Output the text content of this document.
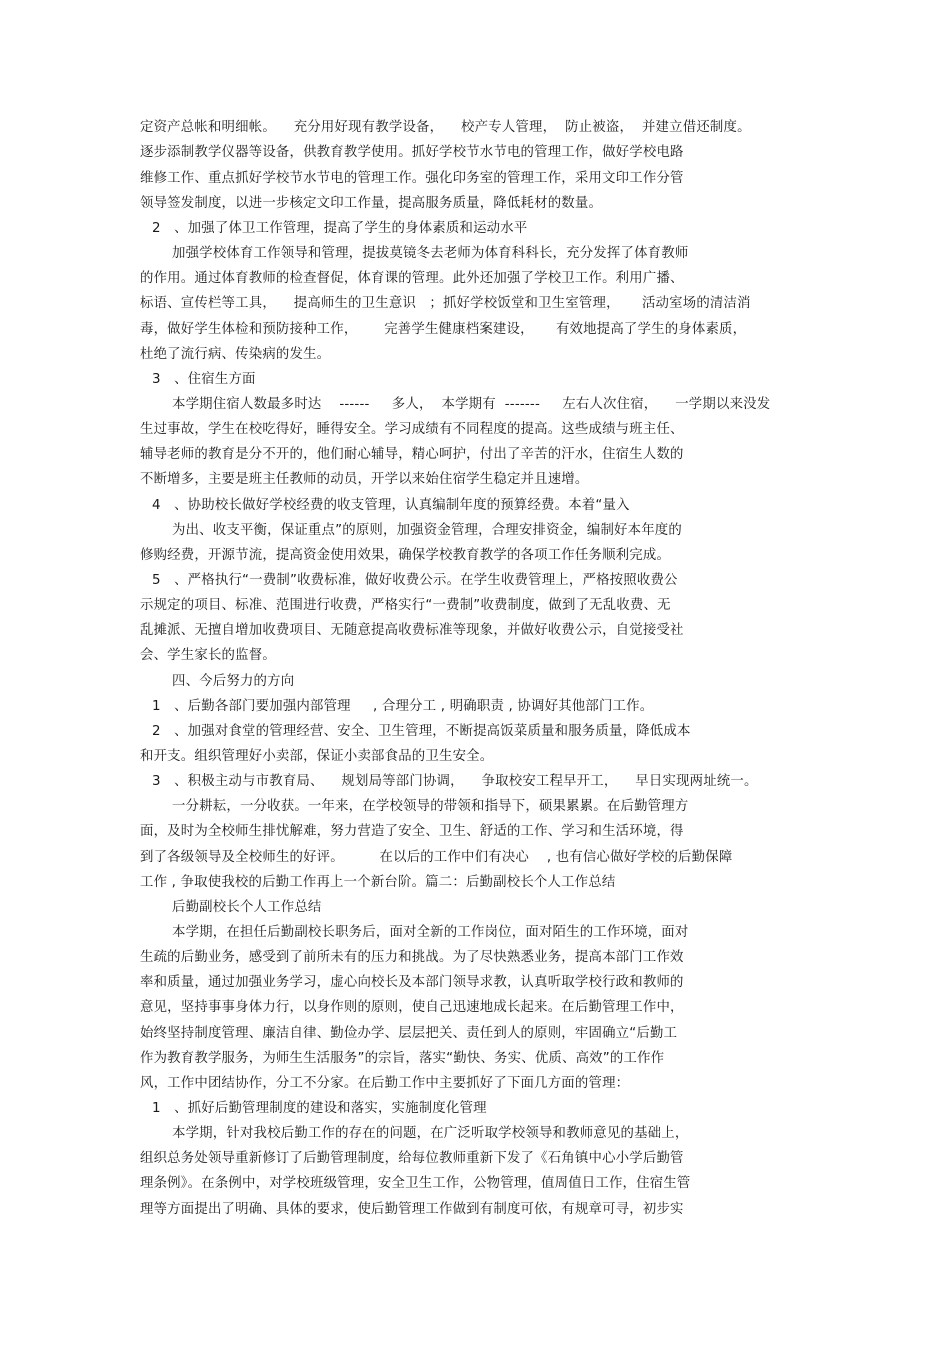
定资产总帐和明细帐。    充分用好现有教学设备，    校产专人管理，  防止被盗，  并建立借还制度。
逐步添制教学仪器等设备，供教育教学使用。抓好学校节水节电的管理工作，做好学校电路
维修工作、重点抓好学校节水节电的管理工作。强化印务室的管理工作，采用文印工作分管
领导签发制度，以进一步核定文印工作量，提高服务质量，降低耗材的数量。
2   、加强了体卫工作管理，提高了学生的身体素质和运动水平
加强学校体育工作领导和管理，提拔莫镜冬去老师为体育科科长，充分发挥了体育教师
的作用。通过体育教师的检查督促，体育课的管理。此外还加强了学校卫工作。利用广播、
标语、宣传栏等工具，    提高师生的卫生意识   ；抓好学校饭堂和卫生室管理，     活动室场的清洁消
毒，做好学生体检和预防接种工作，      完善学生健康档案建设，     有效地提高了学生的身体素质，
杜绝了流行病、传染病的发生。
3   、住宿生方面
本学期住宿人数最多时达    ------     多人，  本学期有  -------     左右人次住宿，    一学期以来没发
生过事故，学生在校吃得好，睡得安全。学习成绩有不同程度的提高。这些成绩与班主任、
辅导老师的教育是分不开的，他们耐心辅导，精心呵护，付出了辛苦的汗水，住宿生人数的
不断增多，主要是班主任教师的动员，开学以来始住宿学生稳定并且速增。
4   、协助校长做好学校经费的收支管理，认真编制年度的预算经费。本着“量入
为出、收支平衡，保证重点”的原则，加强资金管理，合理安排资金，编制好本年度的
修购经费，开源节流，提高资金使用效果，确保学校教育教学的各项工作任务顺利完成。
5   、严格执行“一费制”收费标准，做好收费公示。在学生收费管理上，严格按照收费公
示规定的项目、标准、范围进行收费，严格实行“一费制”收费制度，做到了无乱收费、无
乱摊派、无擅自增加收费项目、无随意提高收费标准等现象，并做好收费公示，自觉接受社
会、学生家长的监督。
四、今后努力的方向
1   、后勤各部门要加强内部管理     , 合理分工 , 明确职责 , 协调好其他部门工作。
2   、加强对食堂的管理经营、安全、卫生管理，不断提高饭菜质量和服务质量，降低成本
和开支。组织管理好小卖部，保证小卖部食品的卫生安全。
3   、积极主动与市教育局、    规划局等部门协调，    争取校安工程早开工，    早日实现两址统一。
一分耕耘，一分收获。一年来，在学校领导的带领和指导下，硕果累累。在后勤管理方
面，及时为全校师生排忧解难，努力营造了安全、卫生、舒适的工作、学习和生活环境，得
到了各级领导及全校师生的好评。        在以后的工作中们有决心    , 也有信心做好学校的后勤保障
工作 , 争取使我校的后勤工作再上一个新台阶。篇二：后勤副校长个人工作总结
后勤副校长个人工作总结
本学期，在担任后勤副校长职务后，面对全新的工作岗位，面对陌生的工作环境，面对
生疏的后勤业务，感受到了前所未有的压力和挑战。为了尽快熟悉业务，提高本部门工作效
率和质量，通过加强业务学习，虚心向校长及本部门领导求教，认真听取学校行政和教师的
意见，坚持事事身体力行，以身作则的原则，使自己迅速地成长起来。在后勤管理工作中，
始终坚持制度管理、廉洁自律、勤俭办学、层层把关、责任到人的原则，牢固确立“后勤工
作为教育教学服务，为师生生活服务”的宗旨，落实“勤快、务实、优质、高效”的工作作
风，工作中团结协作，分工不分家。在后勤工作中主要抓好了下面几方面的管理：
1   、抓好后勤管理制度的建设和落实，实施制度化管理
本学期，针对我校后勤工作的存在的问题，在广泛听取学校领导和教师意见的基础上，
组织总务处领导重新修订了后勤管理制度，给每位教师重新下发了《石角镇中心小学后勤管
理条例》。在条例中，对学校班级管理，安全卫生工作，公物管理，值周值日工作，住宿生管
理等方面提出了明确、具体的要求，使后勤管理工作做到有制度可依，有规章可寻，初步实
